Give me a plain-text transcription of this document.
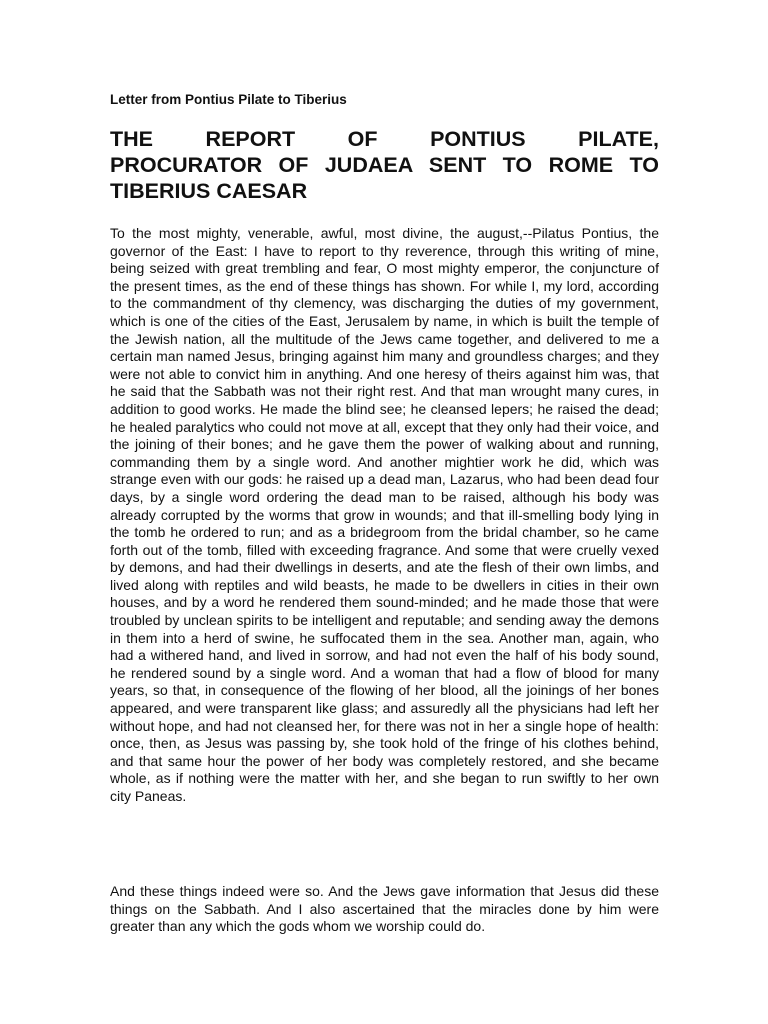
Letter from Pontius Pilate to Tiberius

THE REPORT OF PONTIUS PILATE,
PROCURATOR OF JUDAEA SENT TO ROME TO
TIBERIUS CAESAR

To the most mighty, venerable, awful, most divine, the august,--Pilatus Pontius, the governor of the East: I have to report to thy reverence, through this writing of mine, being seized with great trembling and fear, O most mighty emperor, the conjuncture of the present times, as the end of these things has shown. For while I, my lord, according to the commandment of thy clemency, was discharging the duties of my government, which is one of the cities of the East, Jerusalem by name, in which is built the temple of the Jewish nation, all the multitude of the Jews came together, and delivered to me a certain man named Jesus, bringing against him many and groundless charges; and they were not able to convict him in anything. And one heresy of theirs against him was, that he said that the Sabbath was not their right rest. And that man wrought many cures, in addition to good works. He made the blind see; he cleansed lepers; he raised the dead; he healed paralytics who could not move at all, except that they only had their voice, and the joining of their bones; and he gave them the power of walking about and running, commanding them by a single word. And another mightier work he did, which was strange even with our gods: he raised up a dead man, Lazarus, who had been dead four days, by a single word ordering the dead man to be raised, although his body was already corrupted by the worms that grow in wounds; and that ill-smelling body lying in the tomb he ordered to run; and as a bridegroom from the bridal chamber, so he came forth out of the tomb, filled with exceeding fragrance. And some that were cruelly vexed by demons, and had their dwellings in deserts, and ate the flesh of their own limbs, and lived along with reptiles and wild beasts, he made to be dwellers in cities in their own houses, and by a word he rendered them sound-minded; and he made those that were troubled by unclean spirits to be intelligent and reputable; and sending away the demons in them into a herd of swine, he suffocated them in the sea. Another man, again, who had a withered hand, and lived in sorrow, and had not even the half of his body sound, he rendered sound by a single word. And a woman that had a flow of blood for many years, so that, in consequence of the flowing of her blood, all the joinings of her bones appeared, and were transparent like glass; and assuredly all the physicians had left her without hope, and had not cleansed her, for there was not in her a single hope of health: once, then, as Jesus was passing by, she took hold of the fringe of his clothes behind, and that same hour the power of her body was completely restored, and she became whole, as if nothing were the matter with her, and she began to run swiftly to her own city Paneas.

And these things indeed were so. And the Jews gave information that Jesus did these things on the Sabbath. And I also ascertained that the miracles done by him were greater than any which the gods whom we worship could do.
